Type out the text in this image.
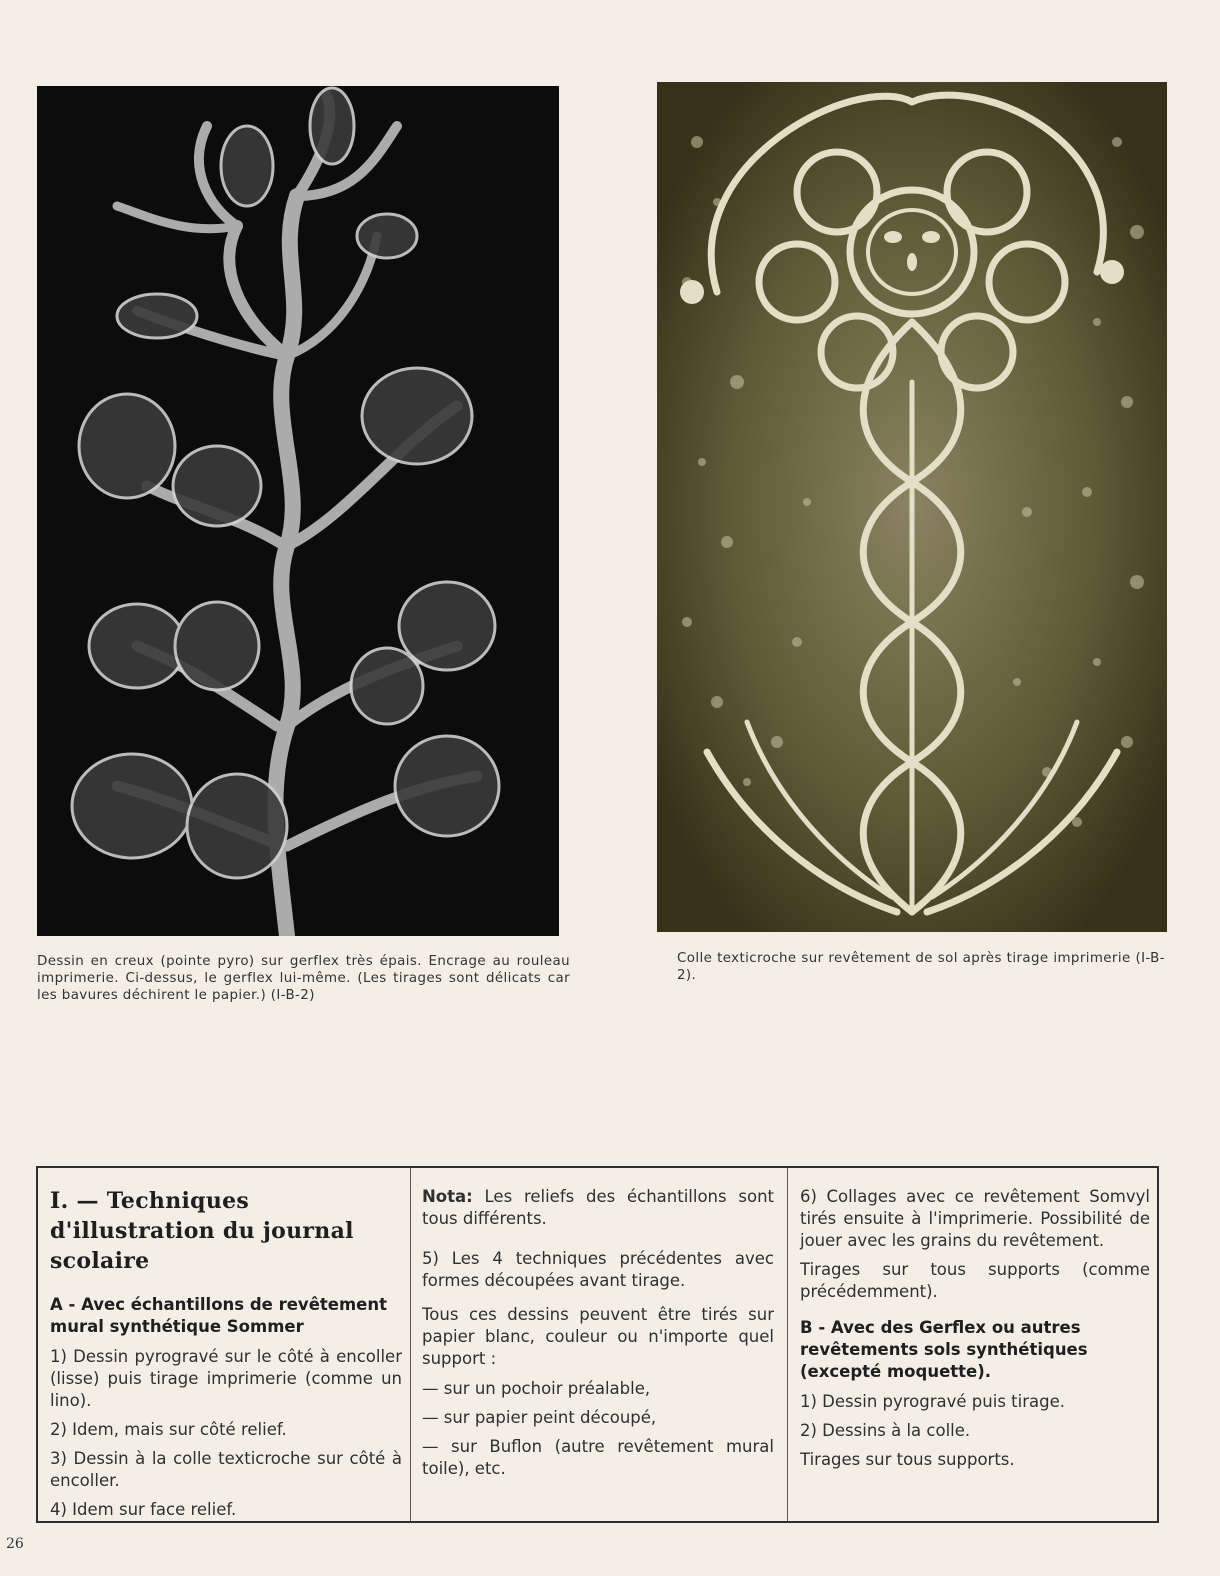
Dessin en creux (pointe pyro) sur gerflex très épais. Encrage au rouleau imprimerie. Ci-dessus, le gerflex lui-même. (Les tirages sont délicats car les bavures déchirent le papier.) (I-B-2)
Colle texticroche sur revêtement de sol après tirage imprimerie (I-B-2).
I. — Techniques d'illustration du journal scolaire
A - Avec échantillons de revêtement mural synthétique Sommer

1) Dessin pyrogravé sur le côté à encoller (lisse) puis tirage imprimerie (comme un lino).

2) Idem, mais sur côté relief.

3) Dessin à la colle texticroche sur côté à encoller.

4) Idem sur face relief.

Nota: Les reliefs des échantillons sont tous différents.

5) Les 4 techniques précédentes avec formes découpées avant tirage.

Tous ces dessins peuvent être tirés sur papier blanc, couleur ou n'importe quel support :

— sur un pochoir préalable,

— sur papier peint découpé,

— sur Buflon (autre revêtement mural toile), etc.

6) Collages avec ce revêtement Somvyl tirés ensuite à l'imprimerie. Possibilité de jouer avec les grains du revêtement.

Tirages sur tous supports (comme précédemment).

B - Avec des Gerflex ou autres revêtements sols synthétiques (excepté moquette).

1) Dessin pyrogravé puis tirage.

2) Dessins à la colle.

Tirages sur tous supports.

26
